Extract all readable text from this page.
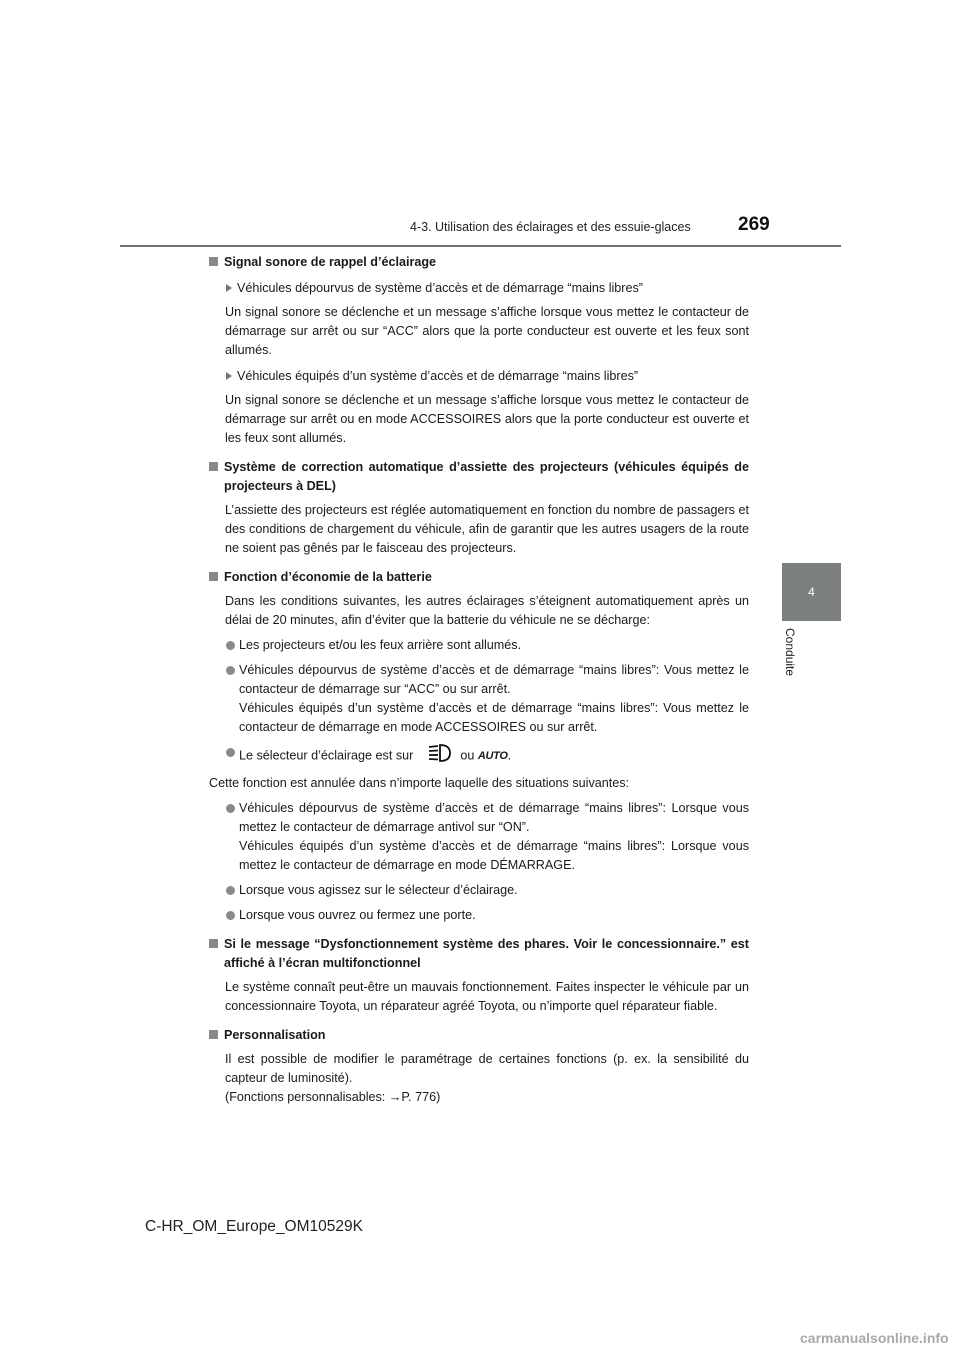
4-3. Utilisation des éclairages et des essuie-glaces 269
4
Conduite
Signal sonore de rappel d’éclairage
Véhicules dépourvus de système d’accès et de démarrage “mains libres”
Un signal sonore se déclenche et un message s’affiche lorsque vous mettez le contacteur de démarrage sur arrêt ou sur “ACC” alors que la porte conducteur est ouverte et les feux sont allumés.
Véhicules équipés d’un système d’accès et de démarrage “mains libres”
Un signal sonore se déclenche et un message s’affiche lorsque vous mettez le contacteur de démarrage sur arrêt ou en mode ACCESSOIRES alors que la porte conducteur est ouverte et les feux sont allumés.
Système de correction automatique d’assiette des projecteurs (véhicules équipés de projecteurs à DEL)
L’assiette des projecteurs est réglée automatiquement en fonction du nombre de passagers et des conditions de chargement du véhicule, afin de garantir que les autres usagers de la route ne soient pas gênés par le faisceau des projecteurs.
Fonction d’économie de la batterie
Dans les conditions suivantes, les autres éclairages s’éteignent automatiquement après un délai de 20 minutes, afin d’éviter que la batterie du véhicule ne se décharge:
Les projecteurs et/ou les feux arrière sont allumés.
Véhicules dépourvus de système d’accès et de démarrage “mains libres”: Vous mettez le contacteur de démarrage sur “ACC” ou sur arrêt.
Véhicules équipés d’un système d’accès et de démarrage “mains libres”: Vous mettez le contacteur de démarrage en mode ACCESSOIRES ou sur arrêt.
Le sélecteur d’éclairage est sur	ou AUTO.
Cette fonction est annulée dans n’importe laquelle des situations suivantes:
Véhicules dépourvus de système d’accès et de démarrage “mains libres”: Lorsque vous mettez le contacteur de démarrage antivol sur “ON”.
Véhicules équipés d’un système d’accès et de démarrage “mains libres”: Lorsque vous mettez le contacteur de démarrage en mode DÉMARRAGE.
Lorsque vous agissez sur le sélecteur d’éclairage.
Lorsque vous ouvrez ou fermez une porte.
Si le message “Dysfonctionnement système des phares. Voir le concessionnaire.” est affiché à l’écran multifonctionnel
Le système connaît peut-être un mauvais fonctionnement. Faites inspecter le véhicule par un concessionnaire Toyota, un réparateur agréé Toyota, ou n’importe quel réparateur fiable.
Personnalisation
Il est possible de modifier le paramétrage de certaines fonctions (p. ex. la sensibilité du capteur de luminosité).
(Fonctions personnalisables: →P. 776)
C-HR_OM_Europe_OM10529K
carmanualsonline.info
